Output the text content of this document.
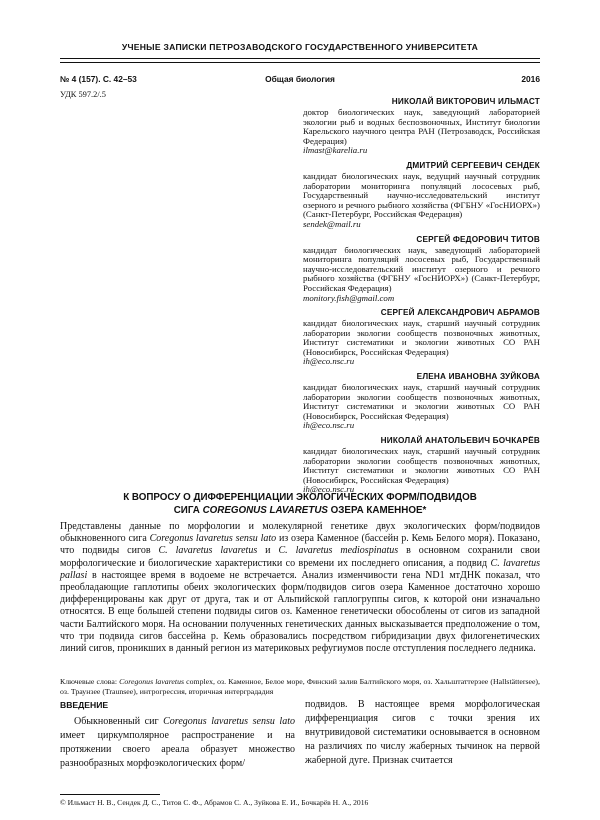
УЧЕНЫЕ ЗАПИСКИ ПЕТРОЗАВОДСКОГО ГОСУДАРСТВЕННОГО УНИВЕРСИТЕТА
№ 4 (157). С. 42–53	Общая биология	2016
УДК 597.2/.5
НИКОЛАЙ ВИКТОРОВИЧ ИЛЬМАСТ
доктор биологических наук, заведующий лабораторией экологии рыб и водных беспозвоночных, Институт биологии Карельского научного центра РАН (Петрозаводск, Российская Федерация)
ilmast@karelia.ru
ДМИТРИЙ СЕРГЕЕВИЧ СЕНДЕК
кандидат биологических наук, ведущий научный сотрудник лаборатории мониторинга популяций лососевых рыб, Государственный научно-исследовательский институт озерного и речного рыбного хозяйства (ФГБНУ «ГосНИОРХ») (Санкт-Петербург, Российская Федерация)
sendek@mail.ru
СЕРГЕЙ ФЕДОРОВИЧ ТИТОВ
кандидат биологических наук, заведующий лабораторией мониторинга популяций лососевых рыб, Государственный научно-исследовательский институт озерного и речного рыбного хозяйства (ФГБНУ «ГосНИОРХ») (Санкт-Петербург, Российская Федерация)
monitory.fish@gmail.com
СЕРГЕЙ АЛЕКСАНДРОВИЧ АБРАМОВ
кандидат биологических наук, старший научный сотрудник лаборатории экологии сообществ позвоночных животных, Институт систематики и экологии животных СО РАН (Новосибирск, Российская Федерация)
ih@eco.nsc.ru
ЕЛЕНА ИВАНОВНА ЗУЙКОВА
кандидат биологических наук, старший научный сотрудник лаборатории экологии сообществ позвоночных животных, Институт систематики и экологии животных СО РАН (Новосибирск, Российская Федерация)
ih@eco.nsc.ru
НИКОЛАЙ АНАТОЛЬЕВИЧ БОЧКАРЁВ
кандидат биологических наук, старший научный сотрудник лаборатории экологии сообществ позвоночных животных, Институт систематики и экологии животных СО РАН (Новосибирск, Российская Федерация)
ih@eco.nsc.ru
К ВОПРОСУ О ДИФФЕРЕНЦИАЦИИ ЭКОЛОГИЧЕСКИХ ФОРМ/ПОДВИДОВ
СИГА COREGONUS LAVARETUS ОЗЕРА КАМЕННОЕ*
Представлены данные по морфологии и молекулярной генетике двух экологических форм/подвидов обыкновенного сига Coregonus lavaretus sensu lato из озера Каменное (бассейн р. Кемь Белого моря). Показано, что подвиды сигов C. lavaretus lavaretus и C. lavaretus mediospinatus в основном сохранили свои морфологические и биологические характеристики со времени их последнего описания, а подвид C. lavaretus pallasi в настоящее время в водоеме не встречается. Анализ изменчивости гена ND1 мтДНК показал, что преобладающие гаплотипы обеих экологических форм/подвидов сигов озера Каменное достаточно хорошо дифференцированы как друг от друга, так и от Альпийской гаплогруппы сигов, к которой они изначально относятся. В еще большей степени подвиды сигов оз. Каменное генетически обособлены от сигов из западной части Балтийского моря. На основании полученных генетических данных высказывается предположение о том, что три подвида сигов бассейна р. Кемь образовались посредством гибридизации двух филогенетических линий сигов, проникших в данный регион из материковых рефугиумов после отступления последнего ледника.
Ключевые слова: Coregonus lavaretus complex, оз. Каменное, Белое море, Финский залив Балтийского моря, оз. Хальштаттерзее (Hallstättersee), оз. Траунзее (Traunsee), интрогрессия, вторичная интерградадия
ВВЕДЕНИЕ
Обыкновенный сиг Coregonus lavaretus sensu lato имеет циркумполярное распространение и на протяжении своего ареала образует множество разнообразных морфоэкологических форм/
подвидов. В настоящее время морфологическая дифференциация сигов с точки зрения их внутривидовой систематики основывается в основном на различиях по числу жаберных тычинок на первой жаберной дуге. Признак считается
© Ильмаст Н. В., Сендек Д. С., Титов С. Ф., Абрамов С. А., Зуйкова Е. И., Бочкарёв Н. А., 2016
